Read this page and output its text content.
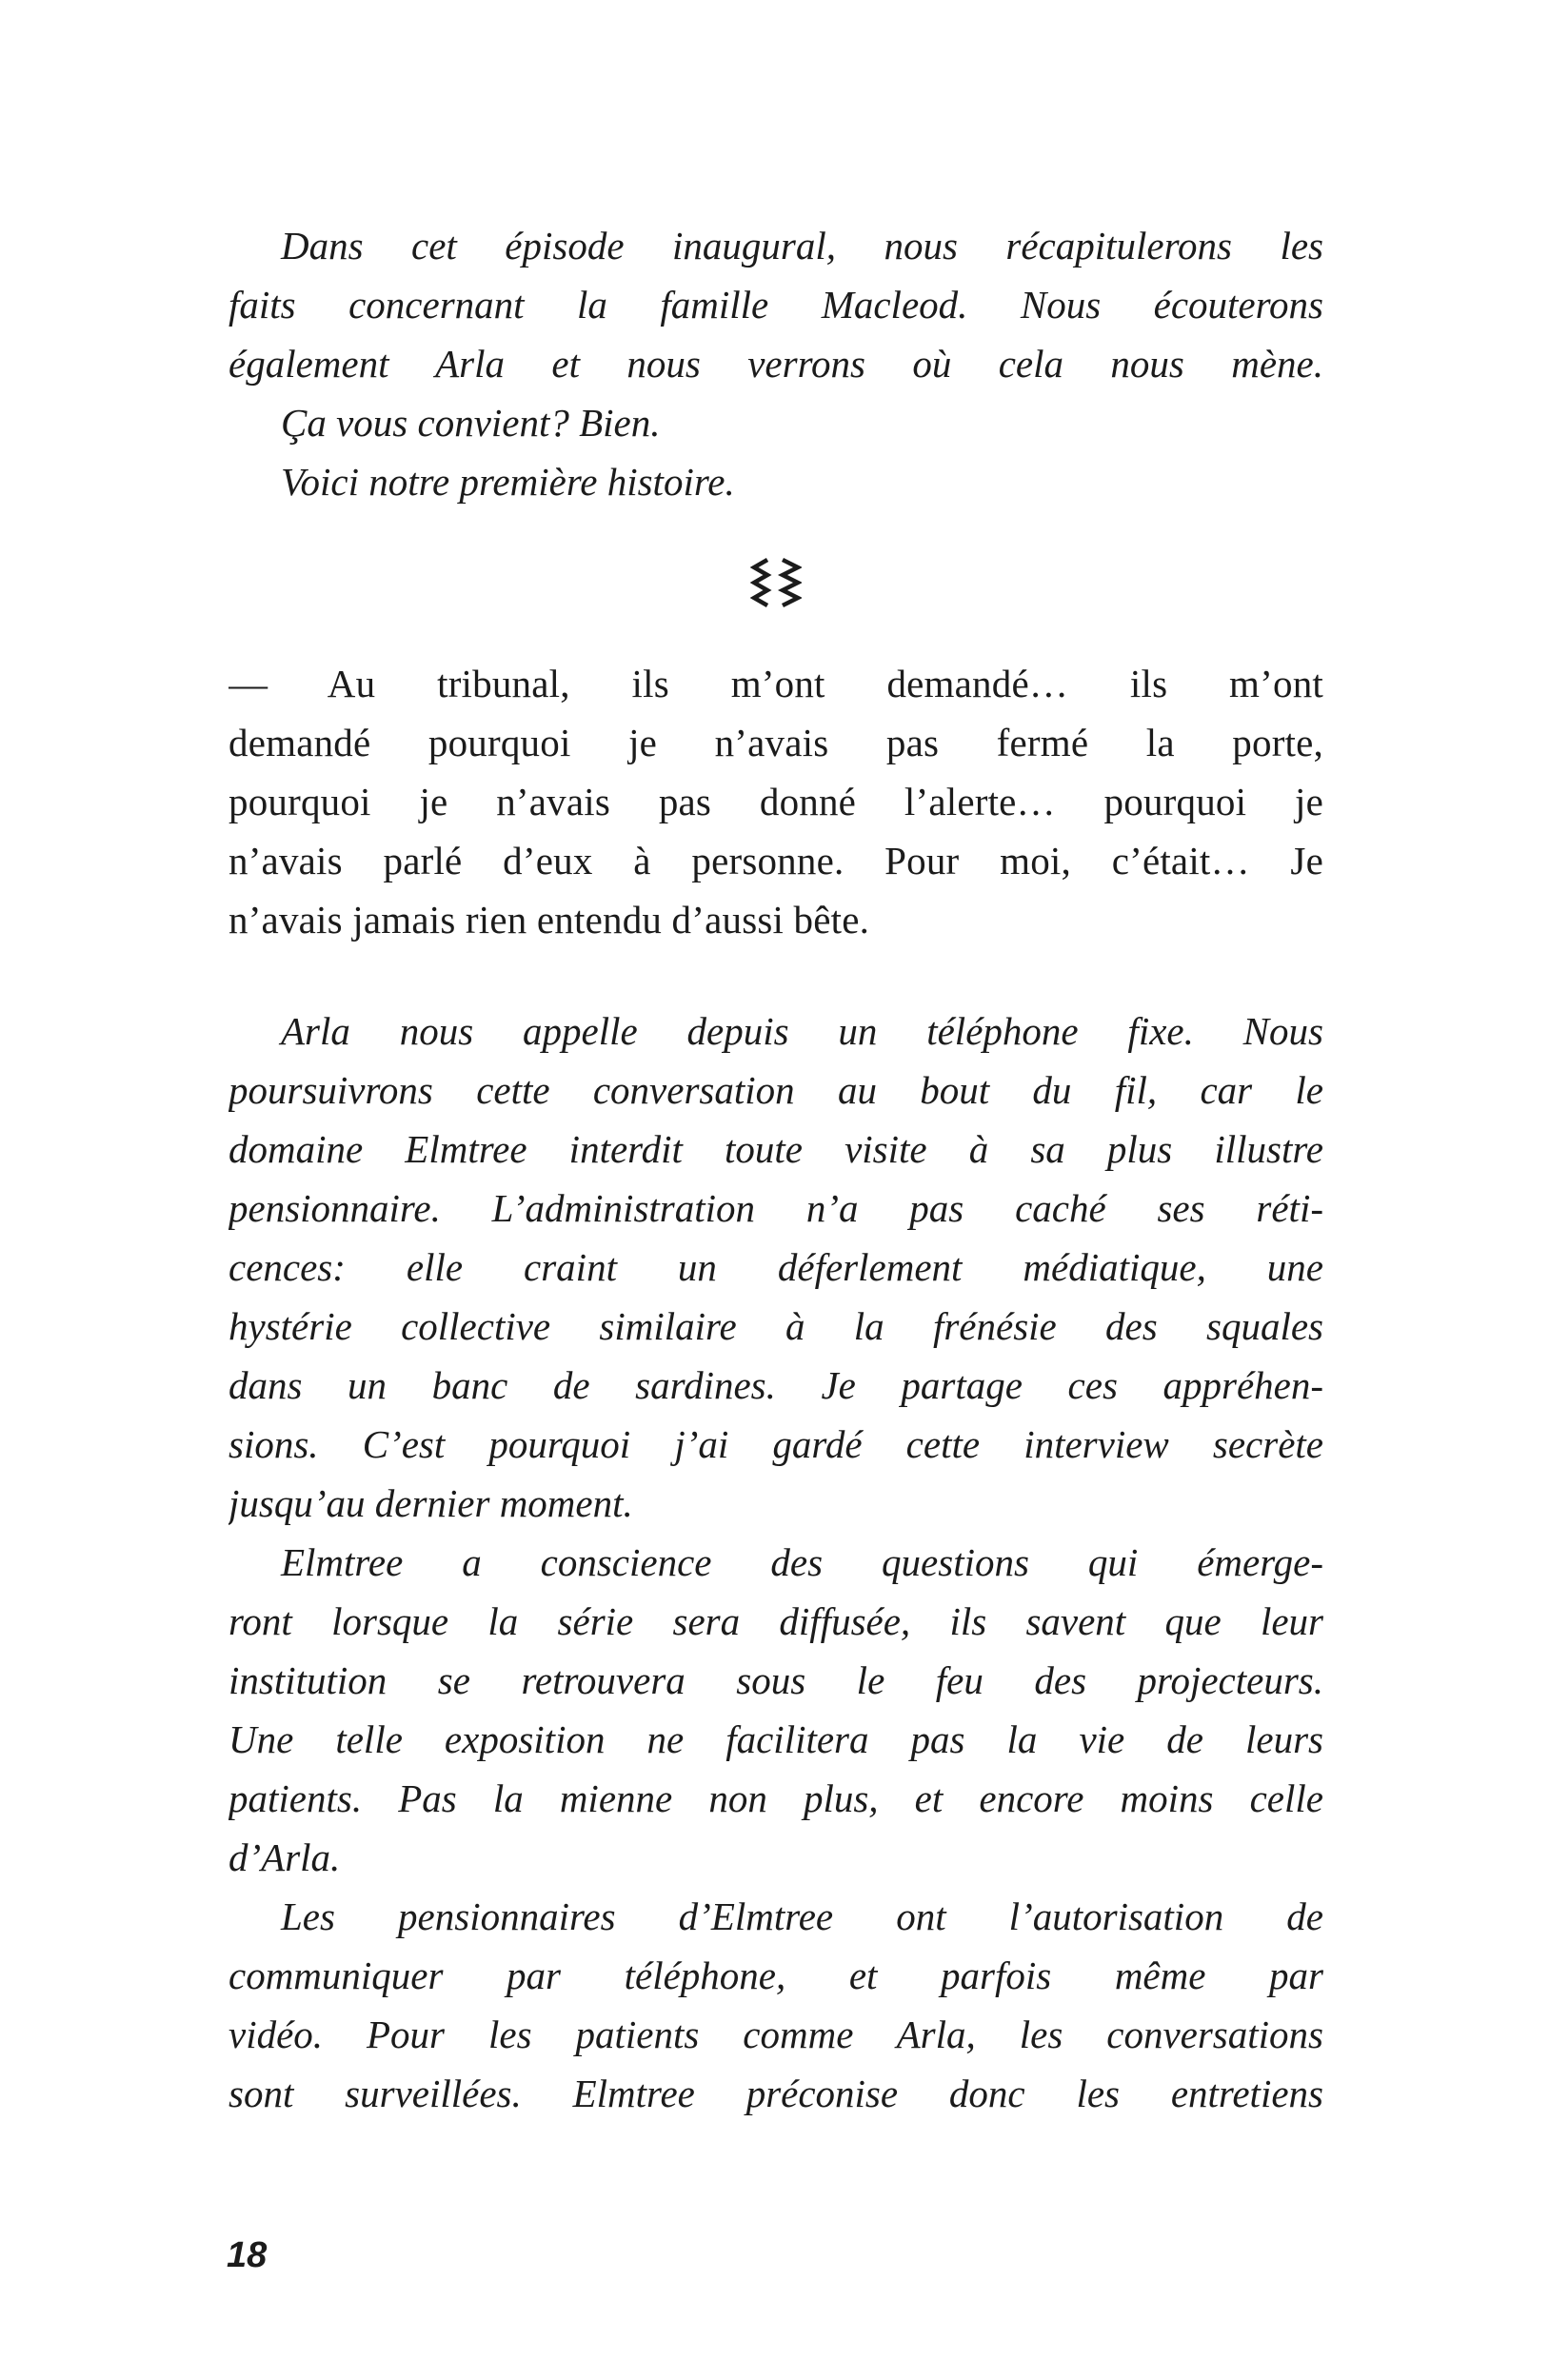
Dans cet épisode inaugural, nous récapitulerons les
faits concernant la famille Macleod. Nous écouterons
également Arla et nous verrons où cela nous mène.
Ça vous convient? Bien.
Voici notre première histoire.
— Au tribunal, ils m’ont demandé… ils m’ont
demandé pourquoi je n’avais pas fermé la porte,
pourquoi je n’avais pas donné l’alerte… pourquoi je
n’avais parlé d’eux à personne. Pour moi, c’était… Je
n’avais jamais rien entendu d’aussi bête.
Arla nous appelle depuis un téléphone fixe. Nous
poursuivrons cette conversation au bout du fil, car le
domaine Elmtree interdit toute visite à sa plus illustre
pensionnaire. L’administration n’a pas caché ses réti-
cences: elle craint un déferlement médiatique, une
hystérie collective similaire à la frénésie des squales
dans un banc de sardines. Je partage ces appréhen-
sions. C’est pourquoi j’ai gardé cette interview secrète
jusqu’au dernier moment.
Elmtree a conscience des questions qui émerge-
ront lorsque la série sera diffusée, ils savent que leur
institution se retrouvera sous le feu des projecteurs.
Une telle exposition ne facilitera pas la vie de leurs
patients. Pas la mienne non plus, et encore moins celle
d’Arla.
Les pensionnaires d’Elmtree ont l’autorisation de
communiquer par téléphone, et parfois même par
vidéo. Pour les patients comme Arla, les conversations
sont surveillées. Elmtree préconise donc les entretiens
18
